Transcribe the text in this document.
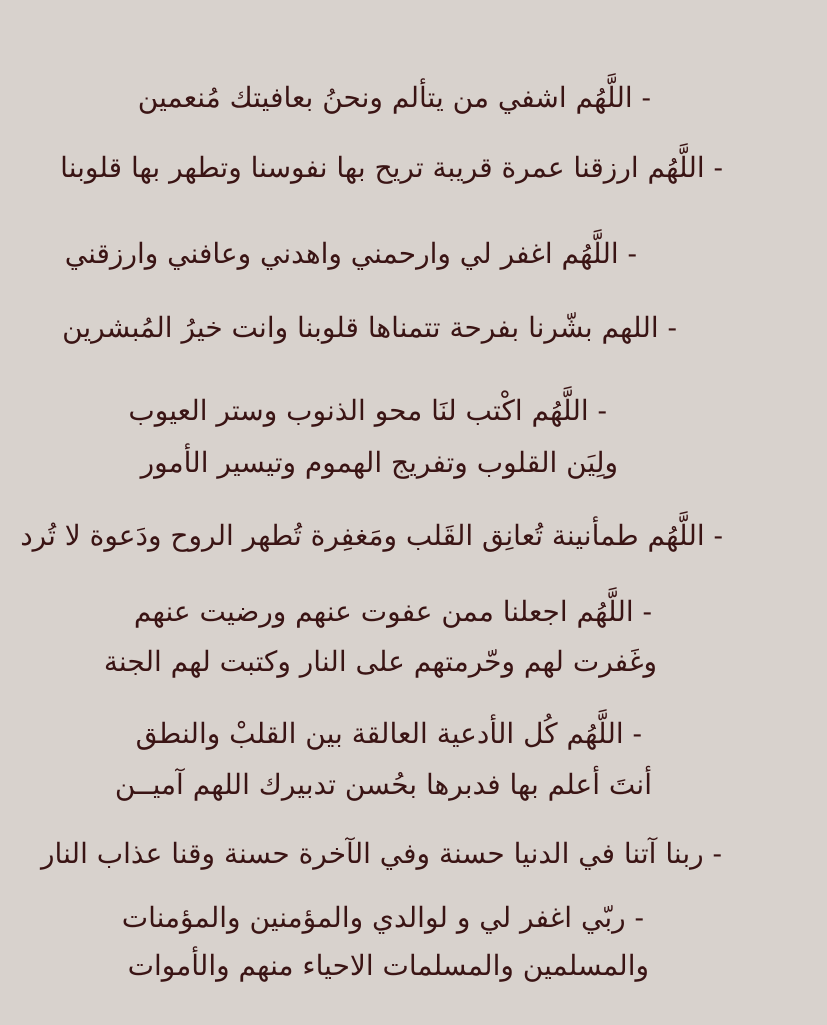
- اللَّهُم اشفي من يتألم ونحنُ بعافيتك مُنعمين
- اللَّهُم ارزقنا عمرة قريبة تريح بها نفوسنا وتطهر بها قلوبنا
- اللَّهُم اغفر لي وارحمني واهدني وعافني وارزقني
- اللهم بشّرنا بفرحة تتمناها قلوبنا وانت خيرُ المُبشرين
- اللَّهُم اكْتب لنَا محو الذنوب وستر العيوب
ولِيَن القلوب وتفريج الهموم وتيسير الأمور
- اللَّهُم طمأنينة تُعانِق القَلب ومَغفِرة تُطهر الروح ودَعوة لا تُرد
- اللَّهُم اجعلنا ممن عفوت عنهم ورضيت عنهم
وغَفرت لهم وحّرمتهم على النار وكتبت لهم الجنة
- اللَّهُم كُل الأدعية العالقة بين القلبْ والنطق
أنتَ أعلم بها فدبرها بحُسن تدبيرك اللهم آميــن
- ربنا آتنا في الدنيا حسنة وفي الآخرة حسنة وقنا عذاب النار
- ربّي اغفر لي و لوالدي والمؤمنين والمؤمنات
والمسلمين والمسلمات الاحياء منهم والأموات
